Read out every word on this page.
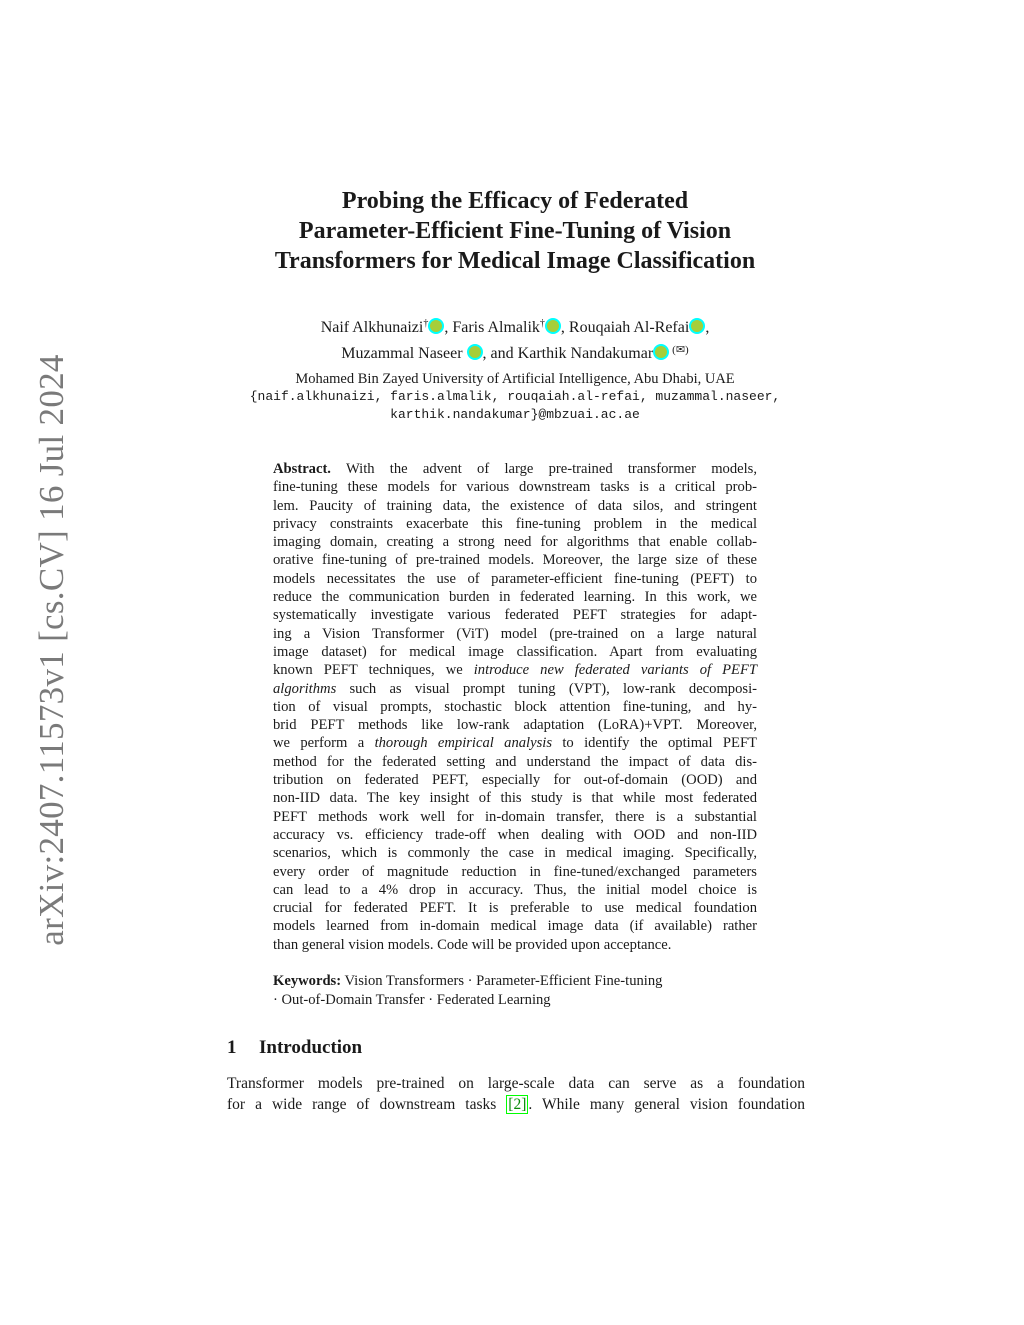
arXiv:2407.11573v1 [cs.CV] 16 Jul 2024
Probing the Efficacy of Federated
Parameter-Efficient Fine-Tuning of Vision
Transformers for Medical Image Classification
Naif Alkhunaizi† , Faris Almalik† , Rouqaiah Al-Refai ,
Muzammal Naseer , and Karthik Nandakumar (✉)
Mohamed Bin Zayed University of Artificial Intelligence, Abu Dhabi, UAE
{naif.alkhunaizi, faris.almalik, rouqaiah.al-refai, muzammal.naseer,
karthik.nandakumar}@mbzuai.ac.ae
Abstract. With the advent of large pre-trained transformer models,
fine-tuning these models for various downstream tasks is a critical prob-
lem. Paucity of training data, the existence of data silos, and stringent
privacy constraints exacerbate this fine-tuning problem in the medical
imaging domain, creating a strong need for algorithms that enable collab-
orative fine-tuning of pre-trained models. Moreover, the large size of these
models necessitates the use of parameter-efficient fine-tuning (PEFT) to
reduce the communication burden in federated learning. In this work, we
systematically investigate various federated PEFT strategies for adapt-
ing a Vision Transformer (ViT) model (pre-trained on a large natural
image dataset) for medical image classification. Apart from evaluating
known PEFT techniques, we introduce new federated variants of PEFT
algorithms such as visual prompt tuning (VPT), low-rank decomposi-
tion of visual prompts, stochastic block attention fine-tuning, and hy-
brid PEFT methods like low-rank adaptation (LoRA)+VPT. Moreover,
we perform a thorough empirical analysis to identify the optimal PEFT
method for the federated setting and understand the impact of data dis-
tribution on federated PEFT, especially for out-of-domain (OOD) and
non-IID data. The key insight of this study is that while most federated
PEFT methods work well for in-domain transfer, there is a substantial
accuracy vs. efficiency trade-off when dealing with OOD and non-IID
scenarios, which is commonly the case in medical imaging. Specifically,
every order of magnitude reduction in fine-tuned/exchanged parameters
can lead to a 4% drop in accuracy. Thus, the initial model choice is
crucial for federated PEFT. It is preferable to use medical foundation
models learned from in-domain medical image data (if available) rather
than general vision models. Code will be provided upon acceptance.
Keywords: Vision Transformers · Parameter-Efficient Fine-tuning
· Out-of-Domain Transfer · Federated Learning
1 Introduction
Transformer models pre-trained on large-scale data can serve as a foundation
for a wide range of downstream tasks [2] . While many general vision foundation
